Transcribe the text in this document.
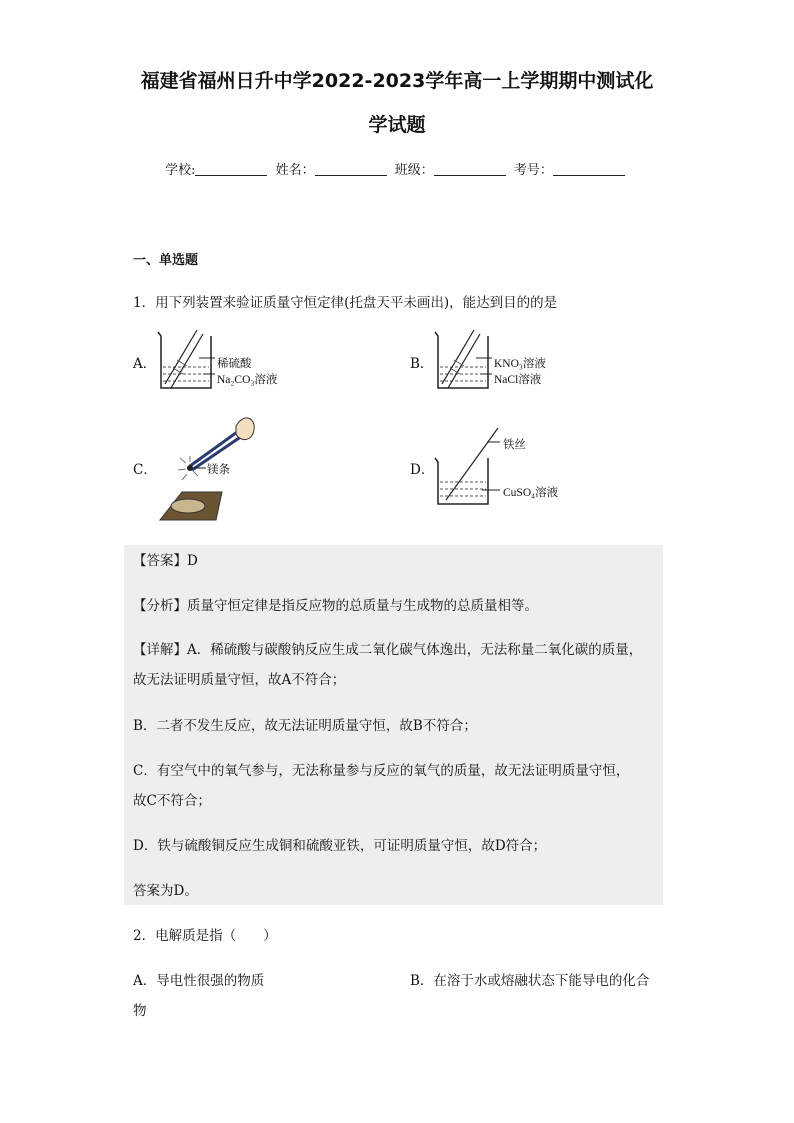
福建省福州日升中学2022-2023学年高一上学期期中测试化
学试题
学校:	姓名：	班级：	考号：
一、单选题
1．用下列装置来验证质量守恒定律(托盘天平未画出)，能达到目的的是
A．	稀硫酸
Na₂CO₃溶液
B．	KNO₃溶液
NaCl溶液
C．	镁条	D．
铁丝
CuSO₄溶液
【答案】D
【分析】质量守恒定律是指反应物的总质量与生成物的总质量相等。
【详解】A．稀硫酸与碳酸钠反应生成二氧化碳气体逸出，无法称量二氧化碳的质量，
故无法证明质量守恒，故A不符合；
B．二者不发生反应，故无法证明质量守恒，故B不符合；
C．有空气中的氧气参与，无法称量参与反应的氧气的质量，故无法证明质量守恒，
故C不符合；
D．铁与硫酸铜反应生成铜和硫酸亚铁，可证明质量守恒，故D符合；
答案为D。
2．电解质是指（　　）
A．导电性很强的物质	B．在溶于水或熔融状态下能导电的化合
物
